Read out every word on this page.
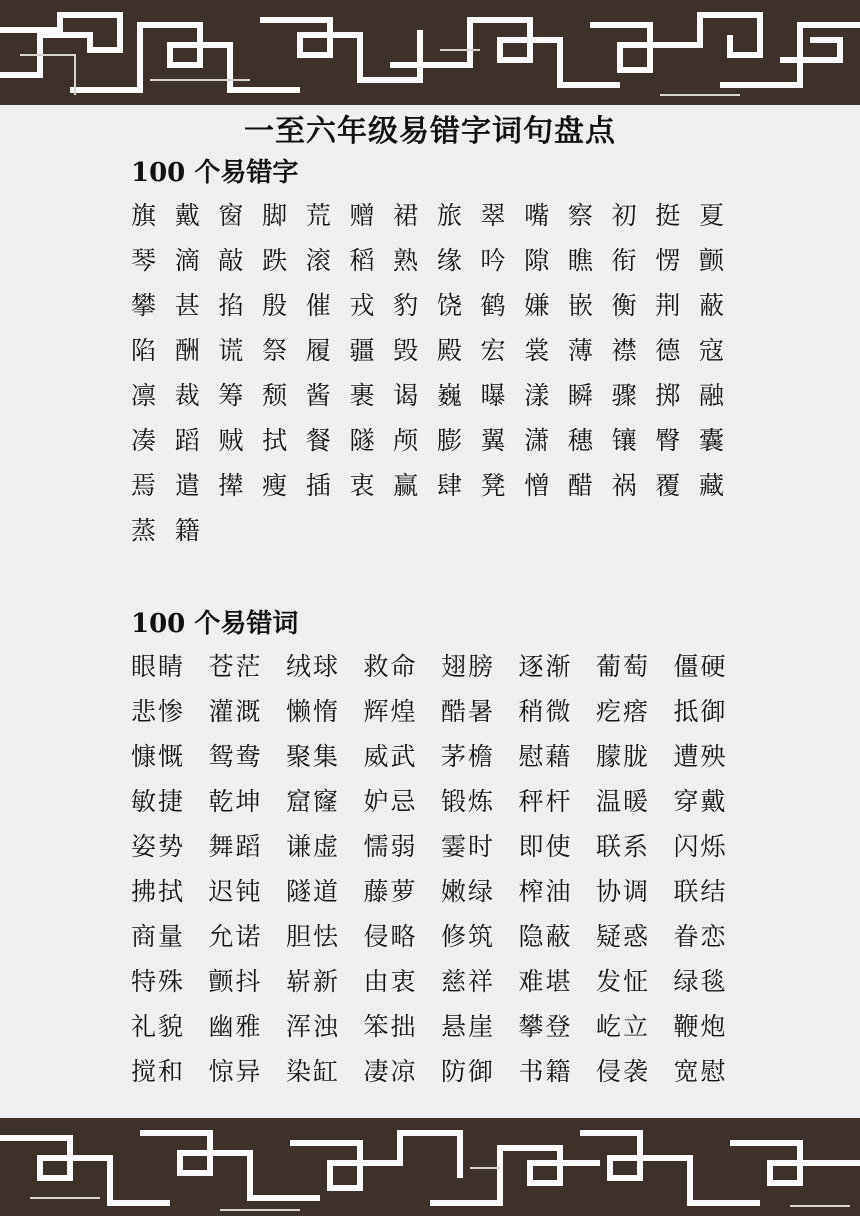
一至六年级易错字词句盘点
100 个易错字
旗 戴 窗 脚 荒 赠 裙 旅 翠 嘴 察 初 挺 夏
琴 滴 敲 跌 滚 稻 熟 缘 吟 隙 瞧 衔 愣 颤
攀 甚 掐 殷 催 戎 豹 饶 鹤 嫌 嵌 衡 荆 蔽
陷 酬 谎 祭 履 疆 毁 殿 宏 裳 薄 襟 德 寇
凛 裁 筹 颓 酱 裹 谒 巍 曝 漾 瞬 骤 掷 融
凑 蹈 贼 拭 餐 隧 颅 膨 翼 潇 穗 镶 臀 囊
焉 遣 撵 瘦 插 衷 赢 肆 凳 憎 醋 祸 覆 藏
蒸 籍
100 个易错词
眼睛 苍茫 绒球 救命 翅膀 逐渐 葡萄 僵硬
悲惨 灌溉 懒惰 辉煌 酷暑 稍微 疙瘩 抵御
慷慨 鸳鸯 聚集 威武 茅檐 慰藉 朦胧 遭殃
敏捷 乾坤 窟窿 妒忌 锻炼 秤杆 温暖 穿戴
姿势 舞蹈 谦虚 懦弱 霎时 即使 联系 闪烁
拂拭 迟钝 隧道 藤萝 嫩绿 榨油 协调 联结
商量 允诺 胆怯 侵略 修筑 隐蔽 疑惑 眷恋
特殊 颤抖 崭新 由衷 慈祥 难堪 发怔 绿毯
礼貌 幽雅 浑浊 笨拙 悬崖 攀登 屹立 鞭炮
搅和 惊异 染缸 凄凉 防御 书籍 侵袭 宽慰
